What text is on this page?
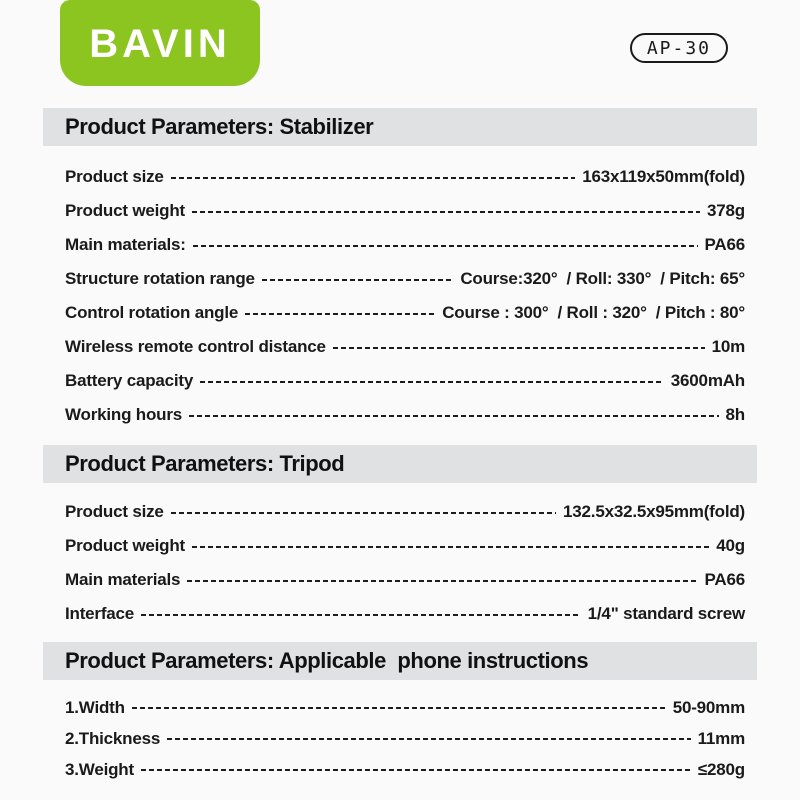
BAVIN	AP-30
Product Parameters: Stabilizer
Product size	163x119x50mm(fold)
Product weight	378g
Main materials:	PA66
Structure rotation range	Course:320°  / Roll: 330°  / Pitch: 65°
Control rotation angle	Course : 300°  / Roll : 320°  / Pitch : 80°
Wireless remote control distance	10m
Battery capacity	3600mAh
Working hours	8h
Product Parameters: Tripod
Product size	132.5x32.5x95mm(fold)
Product weight	40g
Main materials	PA66
Interface	1/4" standard screw
Product Parameters: Applicable  phone instructions
1.Width	50-90mm
2.Thickness	11mm
3.Weight	≤280g
